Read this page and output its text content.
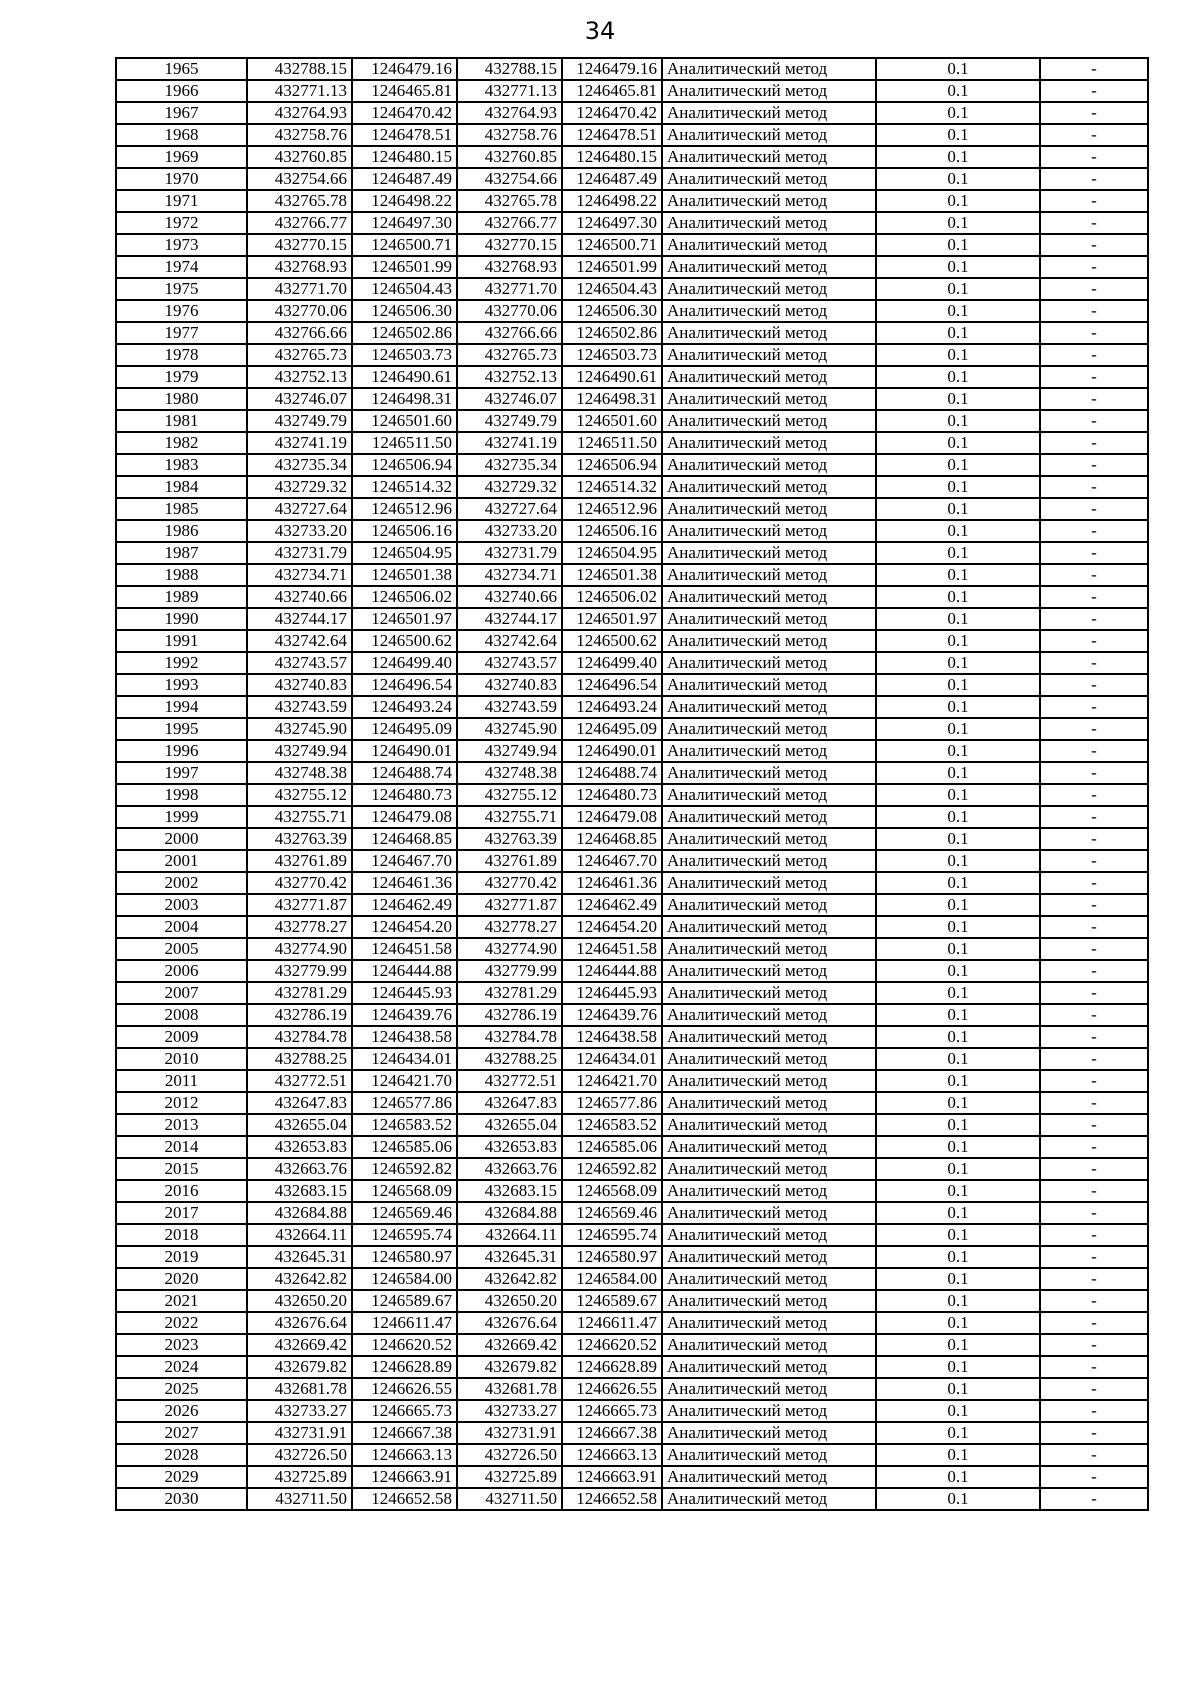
34
1965	432788.15	1246479.16	432788.15	1246479.16	Аналитический метод	0.1	-
1966	432771.13	1246465.81	432771.13	1246465.81	Аналитический метод	0.1	-
1967	432764.93	1246470.42	432764.93	1246470.42	Аналитический метод	0.1	-
1968	432758.76	1246478.51	432758.76	1246478.51	Аналитический метод	0.1	-
1969	432760.85	1246480.15	432760.85	1246480.15	Аналитический метод	0.1	-
1970	432754.66	1246487.49	432754.66	1246487.49	Аналитический метод	0.1	-
1971	432765.78	1246498.22	432765.78	1246498.22	Аналитический метод	0.1	-
1972	432766.77	1246497.30	432766.77	1246497.30	Аналитический метод	0.1	-
1973	432770.15	1246500.71	432770.15	1246500.71	Аналитический метод	0.1	-
1974	432768.93	1246501.99	432768.93	1246501.99	Аналитический метод	0.1	-
1975	432771.70	1246504.43	432771.70	1246504.43	Аналитический метод	0.1	-
1976	432770.06	1246506.30	432770.06	1246506.30	Аналитический метод	0.1	-
1977	432766.66	1246502.86	432766.66	1246502.86	Аналитический метод	0.1	-
1978	432765.73	1246503.73	432765.73	1246503.73	Аналитический метод	0.1	-
1979	432752.13	1246490.61	432752.13	1246490.61	Аналитический метод	0.1	-
1980	432746.07	1246498.31	432746.07	1246498.31	Аналитический метод	0.1	-
1981	432749.79	1246501.60	432749.79	1246501.60	Аналитический метод	0.1	-
1982	432741.19	1246511.50	432741.19	1246511.50	Аналитический метод	0.1	-
1983	432735.34	1246506.94	432735.34	1246506.94	Аналитический метод	0.1	-
1984	432729.32	1246514.32	432729.32	1246514.32	Аналитический метод	0.1	-
1985	432727.64	1246512.96	432727.64	1246512.96	Аналитический метод	0.1	-
1986	432733.20	1246506.16	432733.20	1246506.16	Аналитический метод	0.1	-
1987	432731.79	1246504.95	432731.79	1246504.95	Аналитический метод	0.1	-
1988	432734.71	1246501.38	432734.71	1246501.38	Аналитический метод	0.1	-
1989	432740.66	1246506.02	432740.66	1246506.02	Аналитический метод	0.1	-
1990	432744.17	1246501.97	432744.17	1246501.97	Аналитический метод	0.1	-
1991	432742.64	1246500.62	432742.64	1246500.62	Аналитический метод	0.1	-
1992	432743.57	1246499.40	432743.57	1246499.40	Аналитический метод	0.1	-
1993	432740.83	1246496.54	432740.83	1246496.54	Аналитический метод	0.1	-
1994	432743.59	1246493.24	432743.59	1246493.24	Аналитический метод	0.1	-
1995	432745.90	1246495.09	432745.90	1246495.09	Аналитический метод	0.1	-
1996	432749.94	1246490.01	432749.94	1246490.01	Аналитический метод	0.1	-
1997	432748.38	1246488.74	432748.38	1246488.74	Аналитический метод	0.1	-
1998	432755.12	1246480.73	432755.12	1246480.73	Аналитический метод	0.1	-
1999	432755.71	1246479.08	432755.71	1246479.08	Аналитический метод	0.1	-
2000	432763.39	1246468.85	432763.39	1246468.85	Аналитический метод	0.1	-
2001	432761.89	1246467.70	432761.89	1246467.70	Аналитический метод	0.1	-
2002	432770.42	1246461.36	432770.42	1246461.36	Аналитический метод	0.1	-
2003	432771.87	1246462.49	432771.87	1246462.49	Аналитический метод	0.1	-
2004	432778.27	1246454.20	432778.27	1246454.20	Аналитический метод	0.1	-
2005	432774.90	1246451.58	432774.90	1246451.58	Аналитический метод	0.1	-
2006	432779.99	1246444.88	432779.99	1246444.88	Аналитический метод	0.1	-
2007	432781.29	1246445.93	432781.29	1246445.93	Аналитический метод	0.1	-
2008	432786.19	1246439.76	432786.19	1246439.76	Аналитический метод	0.1	-
2009	432784.78	1246438.58	432784.78	1246438.58	Аналитический метод	0.1	-
2010	432788.25	1246434.01	432788.25	1246434.01	Аналитический метод	0.1	-
2011	432772.51	1246421.70	432772.51	1246421.70	Аналитический метод	0.1	-
2012	432647.83	1246577.86	432647.83	1246577.86	Аналитический метод	0.1	-
2013	432655.04	1246583.52	432655.04	1246583.52	Аналитический метод	0.1	-
2014	432653.83	1246585.06	432653.83	1246585.06	Аналитический метод	0.1	-
2015	432663.76	1246592.82	432663.76	1246592.82	Аналитический метод	0.1	-
2016	432683.15	1246568.09	432683.15	1246568.09	Аналитический метод	0.1	-
2017	432684.88	1246569.46	432684.88	1246569.46	Аналитический метод	0.1	-
2018	432664.11	1246595.74	432664.11	1246595.74	Аналитический метод	0.1	-
2019	432645.31	1246580.97	432645.31	1246580.97	Аналитический метод	0.1	-
2020	432642.82	1246584.00	432642.82	1246584.00	Аналитический метод	0.1	-
2021	432650.20	1246589.67	432650.20	1246589.67	Аналитический метод	0.1	-
2022	432676.64	1246611.47	432676.64	1246611.47	Аналитический метод	0.1	-
2023	432669.42	1246620.52	432669.42	1246620.52	Аналитический метод	0.1	-
2024	432679.82	1246628.89	432679.82	1246628.89	Аналитический метод	0.1	-
2025	432681.78	1246626.55	432681.78	1246626.55	Аналитический метод	0.1	-
2026	432733.27	1246665.73	432733.27	1246665.73	Аналитический метод	0.1	-
2027	432731.91	1246667.38	432731.91	1246667.38	Аналитический метод	0.1	-
2028	432726.50	1246663.13	432726.50	1246663.13	Аналитический метод	0.1	-
2029	432725.89	1246663.91	432725.89	1246663.91	Аналитический метод	0.1	-
2030	432711.50	1246652.58	432711.50	1246652.58	Аналитический метод	0.1	-
